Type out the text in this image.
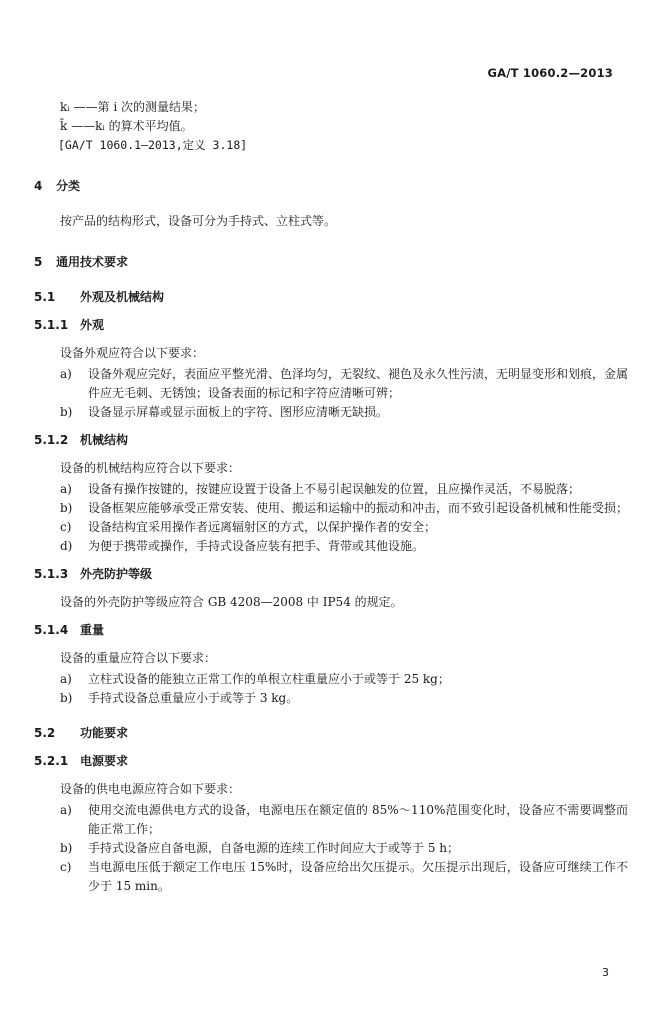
GA/T 1060.2—2013
kᵢ ——第 i 次的测量结果；
k̄ ——kᵢ 的算术平均值。
[GA/T 1060.1—2013,定义 3.18]
4	分类
按产品的结构形式，设备可分为手持式、立柱式等。
5	通用技术要求
5.1	外观及机械结构
5.1.1 外观
设备外观应符合以下要求：
a)	设备外观应完好，表面应平整光滑、色泽均匀，无裂纹、褪色及永久性污渍，无明显变形和划痕，金属件应无毛刺、无锈蚀；设备表面的标记和字符应清晰可辨；
b)	设备显示屏幕或显示面板上的字符、图形应清晰无缺损。
5.1.2 机械结构
设备的机械结构应符合以下要求：
a)	设备有操作按键的，按键应设置于设备上不易引起误触发的位置，且应操作灵活，不易脱落；
b)	设备框架应能够承受正常安装、使用、搬运和运输中的振动和冲击，而不致引起设备机械和性能受损；
c)	设备结构宜采用操作者远离辐射区的方式，以保护操作者的安全；
d)	为便于携带或操作，手持式设备应装有把手、背带或其他设施。
5.1.3 外壳防护等级
设备的外壳防护等级应符合 GB 4208—2008 中 IP54 的规定。
5.1.4 重量
设备的重量应符合以下要求：
a)	立柱式设备的能独立正常工作的单根立柱重量应小于或等于 25 kg；
b)	手持式设备总重量应小于或等于 3 kg。
5.2	功能要求
5.2.1 电源要求
设备的供电电源应符合如下要求：
a)	使用交流电源供电方式的设备，电源电压在额定值的 85%～110%范围变化时，设备应不需要调整而能正常工作；
b)	手持式设备应自备电源，自备电源的连续工作时间应大于或等于 5 h；
c)	当电源电压低于额定工作电压 15%时，设备应给出欠压提示。欠压提示出现后，设备应可继续工作不少于 15 min。
3
